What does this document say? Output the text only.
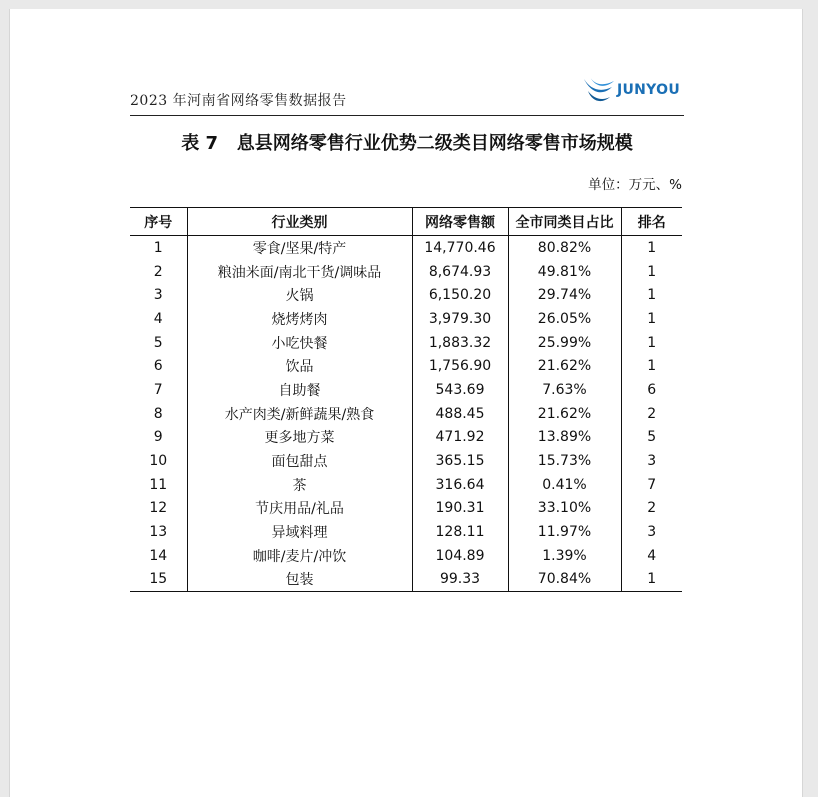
2023 年河南省网络零售数据报告
JUNYOU
表 7   息县网络零售行业优势二级类目网络零售市场规模
单位：万元、%
序号	行业类别	网络零售额	全市同类目占比	排名
1	零食/坚果/特产	14,770.46	80.82%	1
2	粮油米面/南北干货/调味品	8,674.93	49.81%	1
3	火锅	6,150.20	29.74%	1
4	烧烤烤肉	3,979.30	26.05%	1
5	小吃快餐	1,883.32	25.99%	1
6	饮品	1,756.90	21.62%	1
7	自助餐	543.69	7.63%	6
8	水产肉类/新鲜蔬果/熟食	488.45	21.62%	2
9	更多地方菜	471.92	13.89%	5
10	面包甜点	365.15	15.73%	3
11	茶	316.64	0.41%	7
12	节庆用品/礼品	190.31	33.10%	2
13	异域料理	128.11	11.97%	3
14	咖啡/麦片/冲饮	104.89	1.39%	4
15	包装	99.33	70.84%	1
